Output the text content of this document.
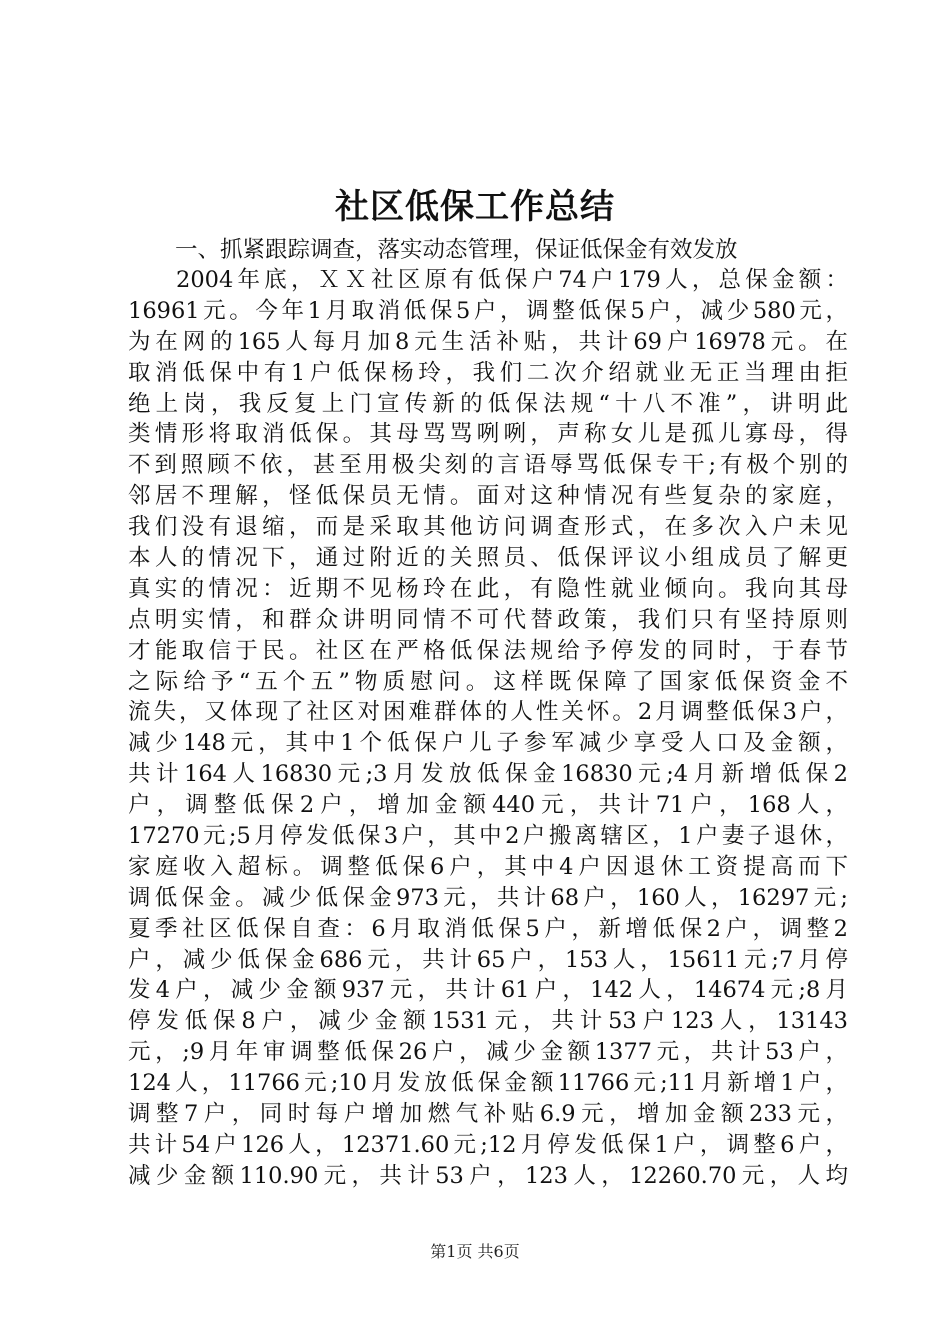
社区低保工作总结
一、抓紧跟踪调查，落实动态管理，保证低保金有效发放
2004年底，ＸＸ社区原有低保户74户179人，总保金额：
16961元。今年1月取消低保5户，调整低保5户，减少580元，
为在网的165人每月加8元生活补贴，共计69户16978元。在
取消低保中有1户低保杨玲，我们二次介绍就业无正当理由拒
绝上岗，我反复上门宣传新的低保法规“十八不准”，讲明此
类情形将取消低保。其母骂骂咧咧，声称女儿是孤儿寡母，得
不到照顾不依，甚至用极尖刻的言语辱骂低保专干;有极个别的
邻居不理解，怪低保员无情。面对这种情况有些复杂的家庭，
我们没有退缩，而是采取其他访问调查形式，在多次入户未见
本人的情况下，通过附近的关照员、低保评议小组成员了解更
真实的情况：近期不见杨玲在此，有隐性就业倾向。我向其母
点明实情，和群众讲明同情不可代替政策，我们只有坚持原则
才能取信于民。社区在严格低保法规给予停发的同时，于春节
之际给予“五个五”物质慰问。这样既保障了国家低保资金不
流失，又体现了社区对困难群体的人性关怀。2月调整低保3户，
减少148元，其中1个低保户儿子参军减少享受人口及金额，
共计164人16830元;3月发放低保金16830元;4月新增低保2
户，调整低保2户，增加金额440元，共计71户，168人，
17270元;5月停发低保3户，其中2户搬离辖区，1户妻子退休，
家庭收入超标。调整低保6户，其中4户因退休工资提高而下
调低保金。减少低保金973元，共计68户，160人，16297元;
夏季社区低保自查：6月取消低保5户，新增低保2户，调整2
户，减少低保金686元，共计65户，153人，15611元;7月停
发4户，减少金额937元，共计61户，142人，14674元;8月
停发低保8户，减少金额1531元，共计53户123人，13143
元，;9月年审调整低保26户，减少金额1377元，共计53户，
124人，11766元;10月发放低保金额11766元;11月新增1户，
调整7户，同时每户增加燃气补贴6.9元，增加金额233元，
共计54户126人，12371.60元;12月停发低保1户，调整6户，
减少金额110.90元，共计53户，123人，12260.70元，人均
第1页 共6页
